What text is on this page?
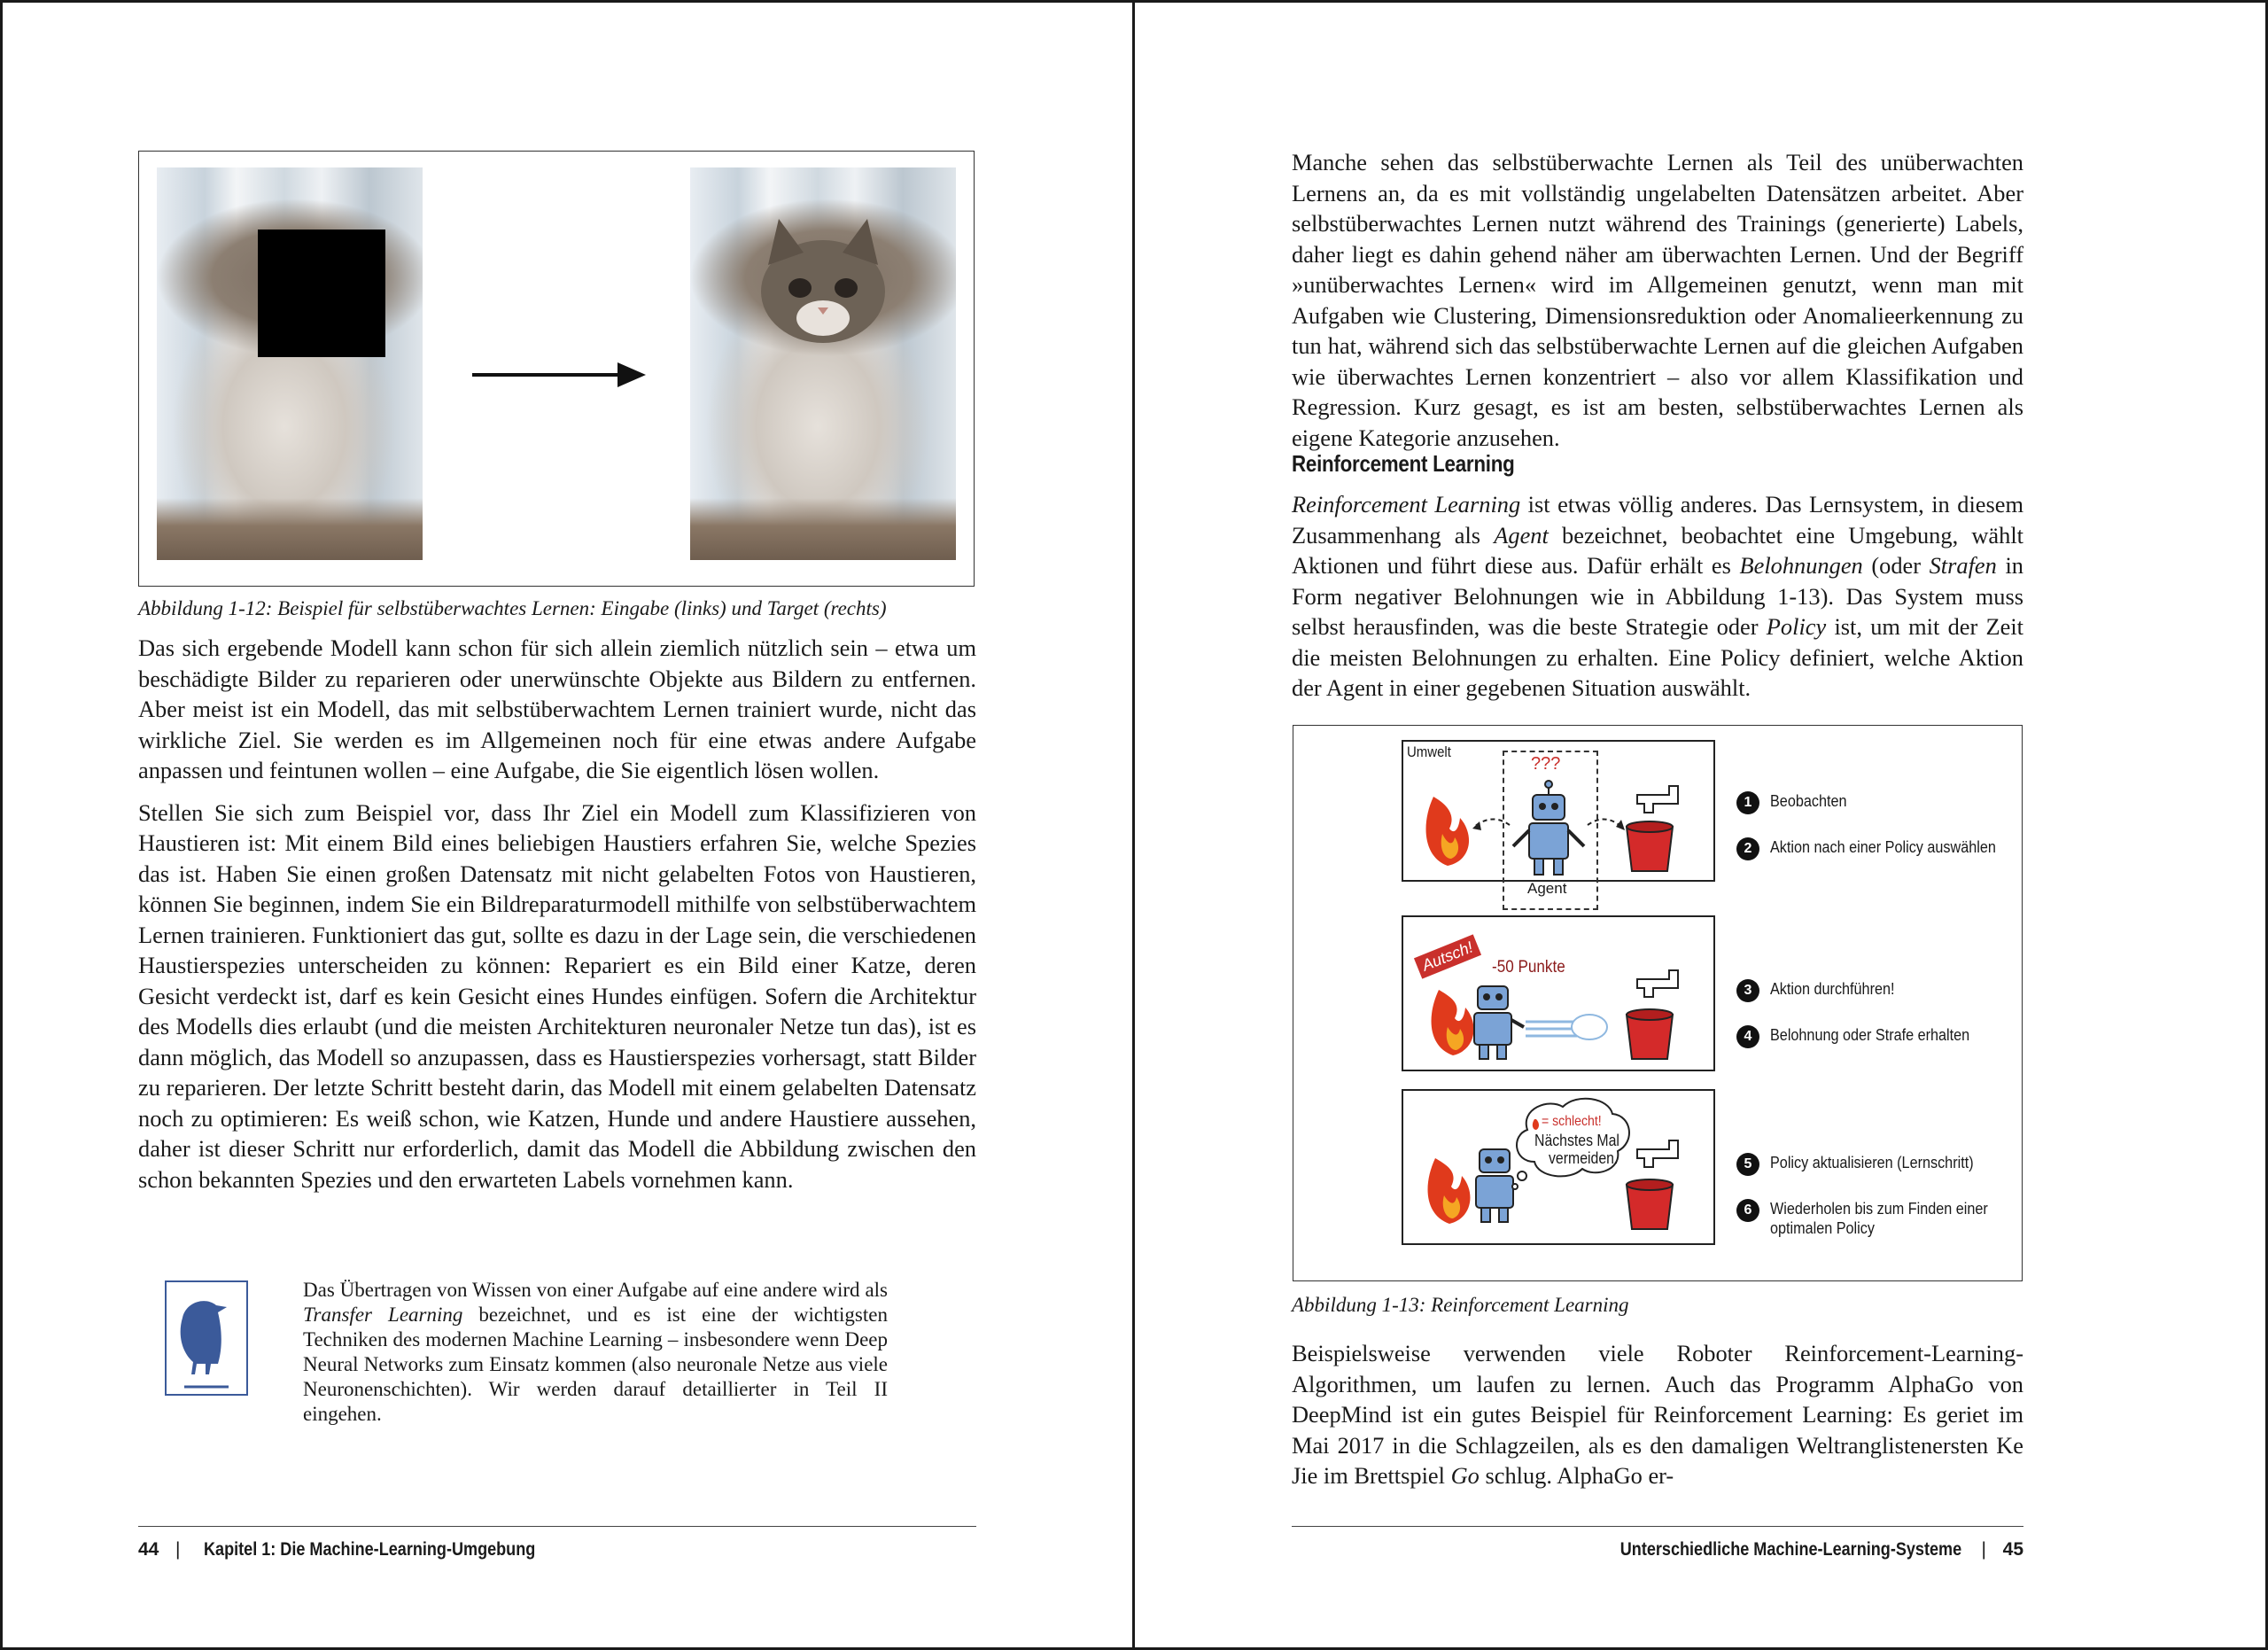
Abbildung 1-12: Beispiel für selbstüberwachtes Lernen: Eingabe (links) und Target (rechts)

Das sich ergebende Modell kann schon für sich allein ziemlich nützlich sein – etwa um beschädigte Bilder zu reparieren oder unerwünschte Objekte aus Bildern zu entfernen. Aber meist ist ein Modell, das mit selbstüberwachtem Lernen trainiert wurde, nicht das wirkliche Ziel. Sie werden es im Allgemeinen noch für eine etwas andere Aufgabe anpassen und feintunen wollen – eine Aufgabe, die Sie eigentlich lösen wollen.

Stellen Sie sich zum Beispiel vor, dass Ihr Ziel ein Modell zum Klassifizieren von Haustieren ist: Mit einem Bild eines beliebigen Haustiers erfahren Sie, welche Spezies das ist. Haben Sie einen großen Datensatz mit nicht gelabelten Fotos von Haustieren, können Sie beginnen, indem Sie ein Bildreparaturmodell mithilfe von selbstüberwachtem Lernen trainieren. Funktioniert das gut, sollte es dazu in der Lage sein, die verschiedenen Haustierspezies unterscheiden zu können: Repariert es ein Bild einer Katze, deren Gesicht verdeckt ist, darf es kein Gesicht eines Hundes einfügen. Sofern die Architektur des Modells dies erlaubt (und die meisten Architekturen neuronaler Netze tun das), ist es dann möglich, das Modell so anzupassen, dass es Haustierspezies vorhersagt, statt Bilder zu reparieren. Der letzte Schritt besteht darin, das Modell mit einem gelabelten Datensatz noch zu optimieren: Es weiß schon, wie Katzen, Hunde und andere Haustiere aussehen, daher ist dieser Schritt nur erforderlich, damit das Modell die Abbildung zwischen den schon bekannten Spezies und den erwarteten Labels vornehmen kann.

Das Übertragen von Wissen von einer Aufgabe auf eine andere wird als Transfer Learning bezeichnet, und es ist eine der wichtigsten Techniken des modernen Machine Learning – insbesondere wenn Deep Neural Networks zum Einsatz kommen (also neuronale Netze aus viele Neuronenschichten). Wir werden darauf detaillierter in Teil II eingehen.

44 | Kapitel 1: Die Machine-Learning-Umgebung

Manche sehen das selbstüberwachte Lernen als Teil des unüberwachten Lernens an, da es mit vollständig ungelabelten Datensätzen arbeitet. Aber selbstüberwachtes Lernen nutzt während des Trainings (generierte) Labels, daher liegt es dahin gehend näher am überwachten Lernen. Und der Begriff »unüberwachtes Lernen« wird im Allgemeinen genutzt, wenn man mit Aufgaben wie Clustering, Dimensionsreduktion oder Anomalieerkennung zu tun hat, während sich das selbstüberwachte Lernen auf die gleichen Aufgaben wie überwachtes Lernen konzentriert – also vor allem Klassifikation und Regression. Kurz gesagt, es ist am besten, selbstüberwachtes Lernen als eigene Kategorie anzusehen.

Reinforcement Learning

Reinforcement Learning ist etwas völlig anderes. Das Lernsystem, in diesem Zusammenhang als Agent bezeichnet, beobachtet eine Umgebung, wählt Aktionen und führt diese aus. Dafür erhält es Belohnungen (oder Strafen in Form negativer Belohnungen wie in Abbildung 1-13). Das System muss selbst herausfinden, was die beste Strategie oder Policy ist, um mit der Zeit die meisten Belohnungen zu erhalten. Eine Policy definiert, welche Aktion der Agent in einer gegebenen Situation auswählt.

Umwelt
???
Agent
Autsch! -50 Punkte
= schlecht!
Nächstes Mal
vermeiden.
1	Beobachten
2	Aktion nach einer Policy auswählen
3	Aktion durchführen!
4	Belohnung oder Strafe erhalten
5	Policy aktualisieren (Lernschritt)
6	Wiederholen bis zum Finden einer
optimalen Policy
Abbildung 1-13: Reinforcement Learning

Beispielsweise verwenden viele Roboter Reinforcement-Learning-Algorithmen, um laufen zu lernen. Auch das Programm AlphaGo von DeepMind ist ein gutes Beispiel für Reinforcement Learning: Es geriet im Mai 2017 in die Schlagzeilen, als es den damaligen Weltranglistenersten Ke Jie im Brettspiel Go schlug. AlphaGo er-

Unterschiedliche Machine-Learning-Systeme | 45
